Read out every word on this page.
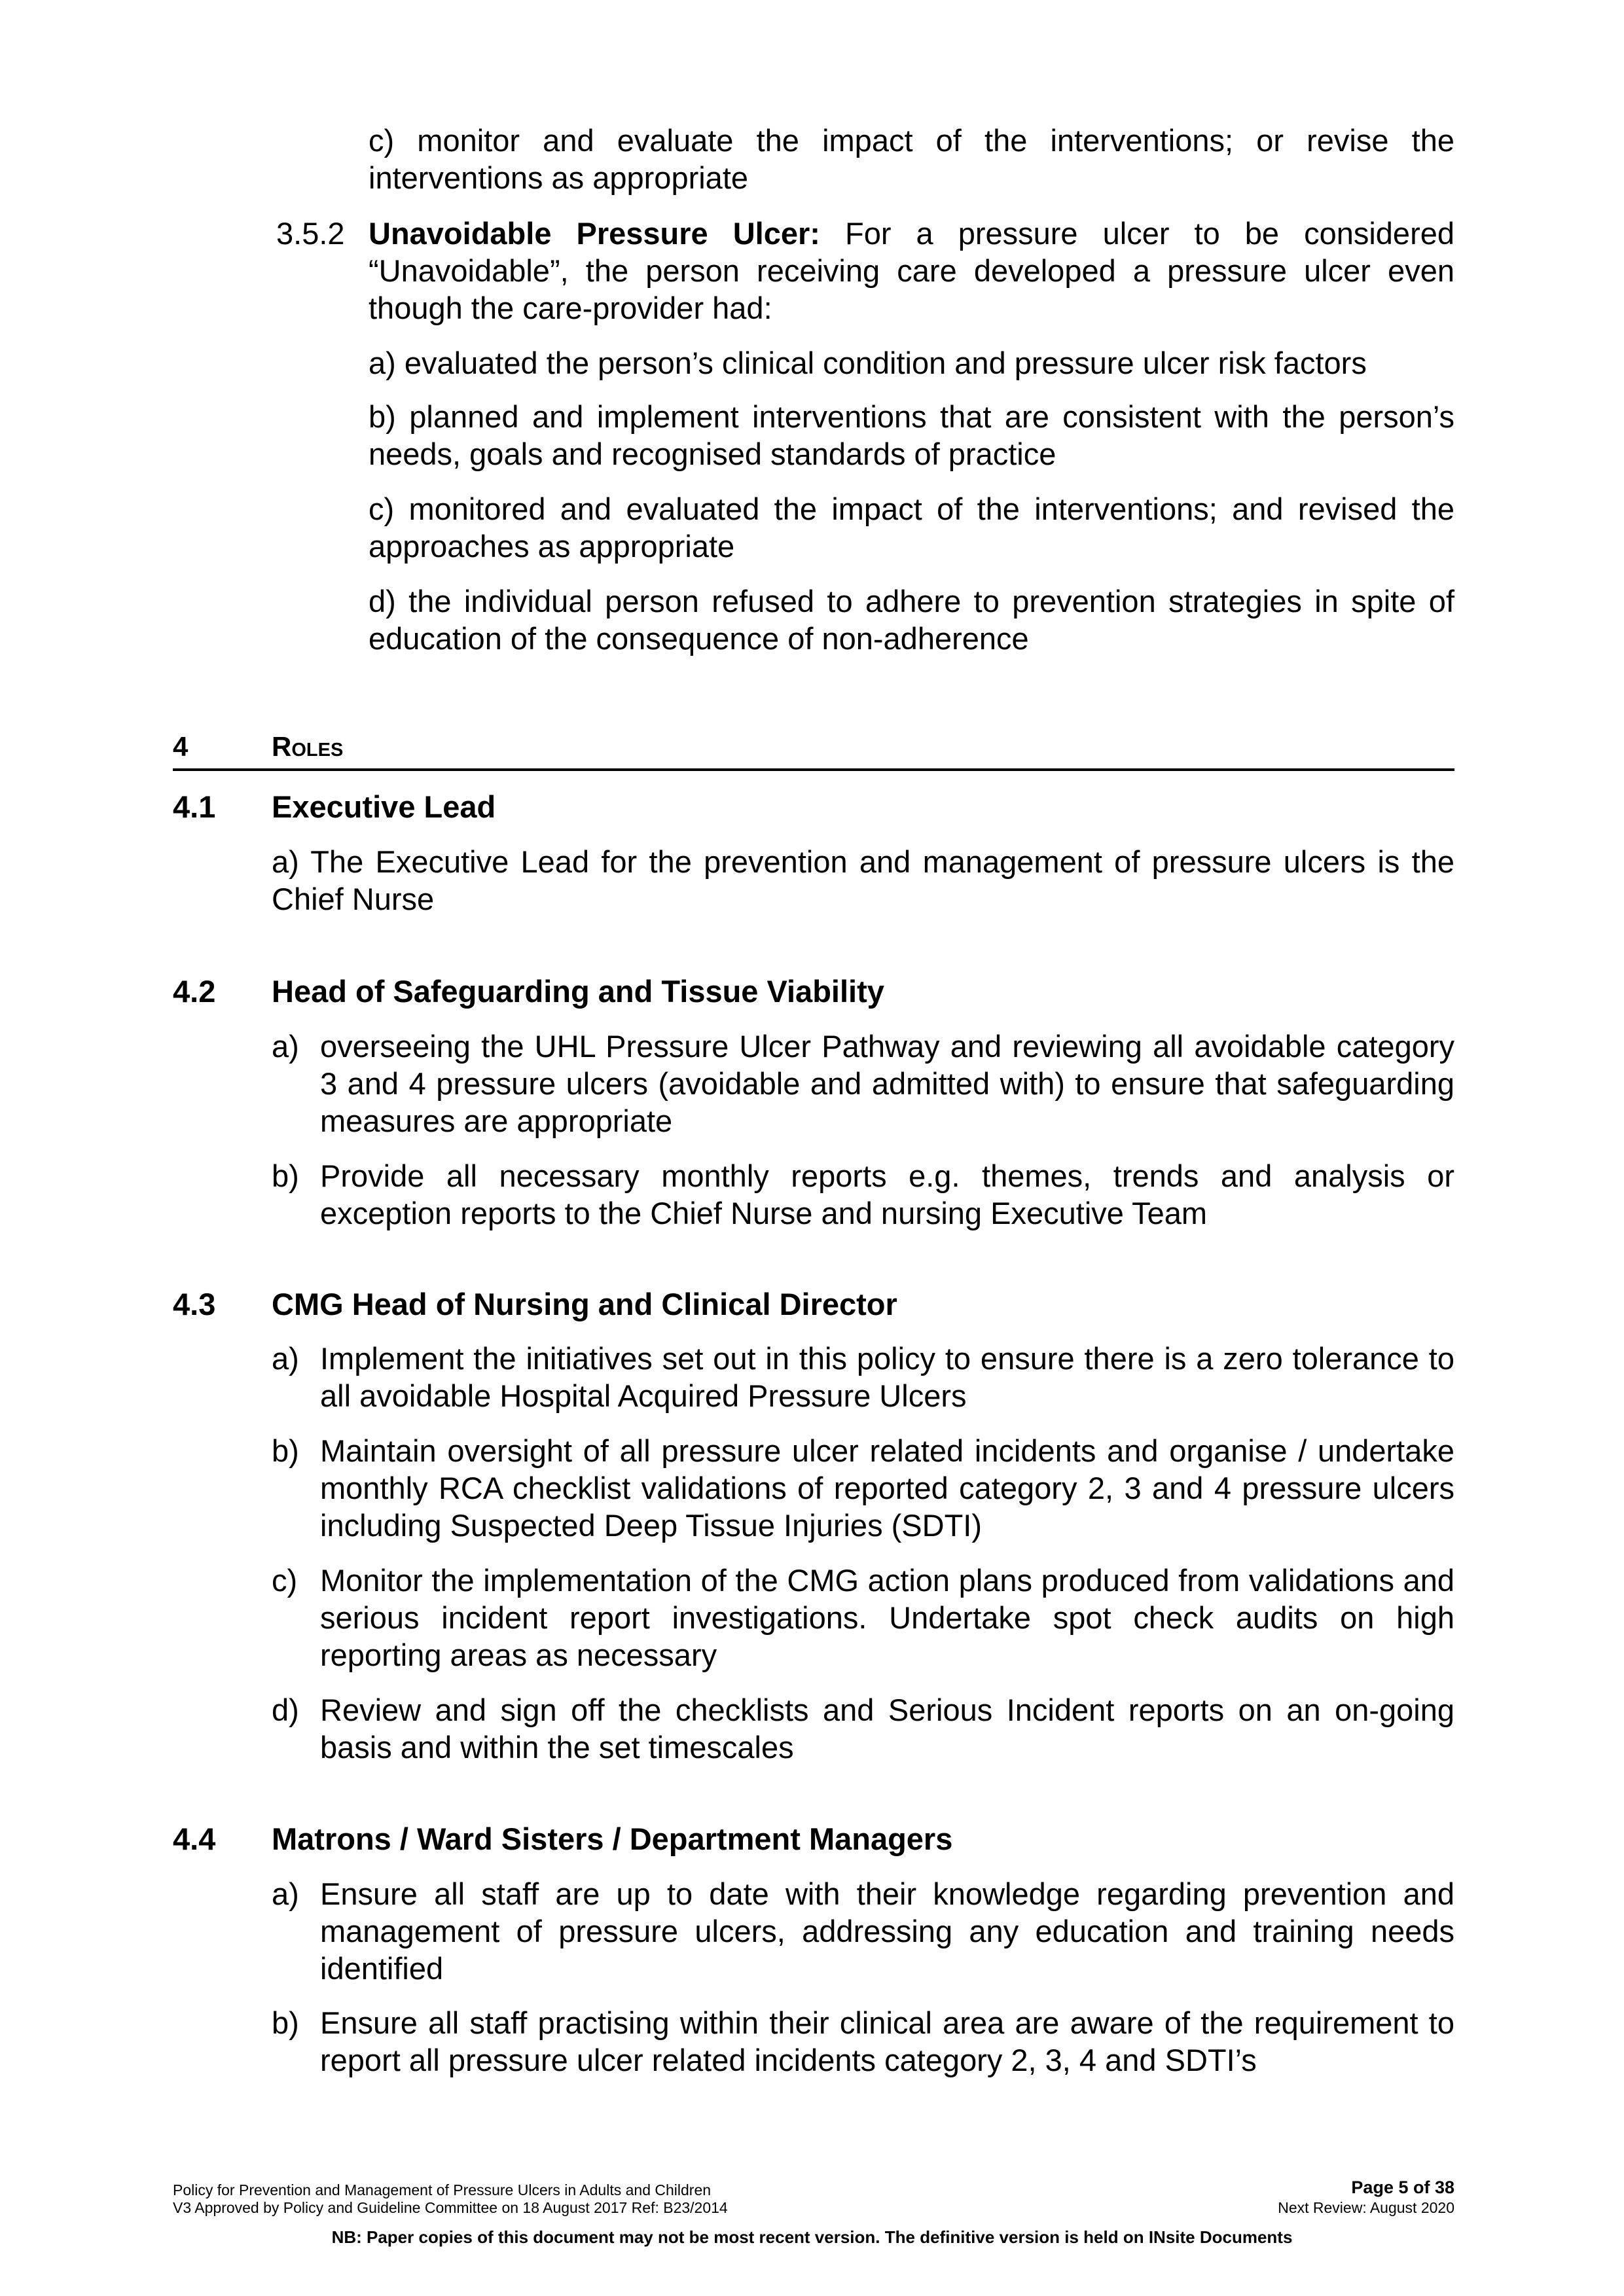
c) monitor and evaluate the impact of the interventions; or revise the interventions as appropriate

3.5.2 Unavoidable Pressure Ulcer: For a pressure ulcer to be considered “Unavoidable”, the person receiving care developed a pressure ulcer even though the care-provider had:

a) evaluated the person’s clinical condition and pressure ulcer risk factors

b) planned and implement interventions that are consistent with the person’s needs, goals and recognised standards of practice

c) monitored and evaluated the impact of the interventions; and revised the approaches as appropriate

d) the individual person refused to adhere to prevention strategies in spite of education of the consequence of non-adherence

4	Roles
4.1 Executive Lead

a) The Executive Lead for the prevention and management of pressure ulcers is the Chief Nurse

4.2 Head of Safeguarding and Tissue Viability
a) overseeing the UHL Pressure Ulcer Pathway and reviewing all avoidable category 3 and 4 pressure ulcers (avoidable and admitted with) to ensure that safeguarding measures are appropriate
b) Provide all necessary monthly reports e.g. themes, trends and analysis or exception reports to the Chief Nurse and nursing Executive Team
4.3 CMG Head of Nursing and Clinical Director
a) Implement the initiatives set out in this policy to ensure there is a zero tolerance to all avoidable Hospital Acquired Pressure Ulcers
b) Maintain oversight of all pressure ulcer related incidents and organise / undertake monthly RCA checklist validations of reported category 2, 3 and 4 pressure ulcers including Suspected Deep Tissue Injuries (SDTI)
c) Monitor the implementation of the CMG action plans produced from validations and serious incident report investigations. Undertake spot check audits on high reporting areas as necessary
d) Review and sign off the checklists and Serious Incident reports on an on-going basis and within the set timescales
4.4 Matrons / Ward Sisters / Department Managers
a) Ensure all staff are up to date with their knowledge regarding prevention and management of pressure ulcers, addressing any education and training needs identified
b) Ensure all staff practising within their clinical area are aware of the requirement to report all pressure ulcer related incidents category 2, 3, 4 and SDTI’s
Policy for Prevention and Management of Pressure Ulcers in Adults and Children
V3 Approved by Policy and Guideline Committee on 18 August 2017 Ref: B23/2014
Page 5 of 38
Next Review: August 2020
NB: Paper copies of this document may not be most recent version. The definitive version is held on INsite Documents
